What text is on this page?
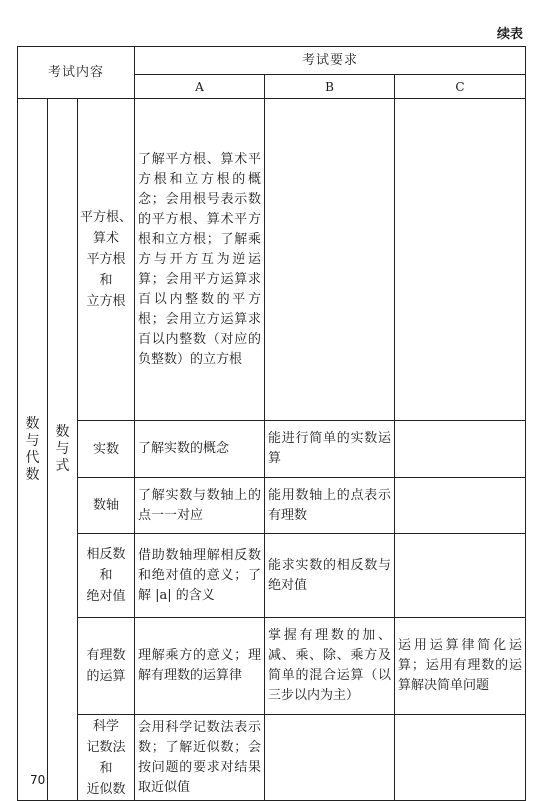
续表
考试内容			考试要求		
			A	B	C
数
与
代
数	数
与
式	平方根、
算术
平方根
和
立方根	了解平方根、算术平方根和立方根的概念；会用根号表示数的平方根、算术平方根和立方根；了解乘方与开方互为逆运算；会用平方运算求百以内整数的平方根；会用立方运算求百以内整数（对应的负整数）的立方根		
		实数	了解实数的概念	能进行简单的实数运算	
		数轴	了解实数与数轴上的点一一对应	能用数轴上的点表示有理数	
		相反数
和
绝对值	借助数轴理解相反数和绝对值的意义；了解 |a| 的含义	能求实数的相反数与绝对值	
		有理数
的运算	理解乘方的意义；理解有理数的运算律	掌握有理数的加、减、乘、除、乘方及简单的混合运算（以三步以内为主）	运用运算律简化运算；运用有理数的运算解决简单问题
		科学
记数法
和
近似数	会用科学记数法表示数；了解近似数；会按问题的要求对结果取近似值		
70
